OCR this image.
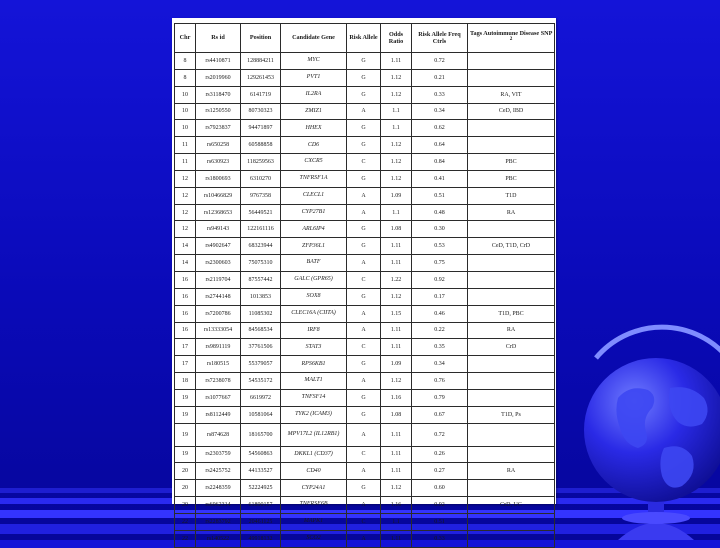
Chr	Rs id	Position	Candidate Gene	Risk Allele	Odds Ratio	Risk Allele Freq Ctrls	Tags Autoimmune Disease SNP $^2$
8	rs4410871	128884211	MYC	G	1.11	0.72	
8	rs2019960	129261453	PVT1	G	1.12	0.21	
10	rs3118470	6141719	IL2RA	G	1.12	0.33	RA, VIT
10	rs1250550	80730323	ZMIZ1	A	1.1	0.34	CeD, IBD
10	rs7923837	94471897	HHEX	G	1.1	0.62	
11	rs650258	60588858	CD6	G	1.12	0.64	
11	rs630923	118259563	CXCR5	C	1.12	0.84	PBC
12	rs1800693	6310270	TNFRSF1A	G	1.12	0.41	PBC
12	rs10466829	9767358	CLECL1	A	1.09	0.51	T1D
12	rs12368653	56449521	CYP27B1	A	1.1	0.48	RA
12	rs949143	122161116	ARL6IP4	G	1.08	0.30	
14	rs4902647	68323944	ZFP36L1	G	1.11	0.53	CeD, T1D, CrD
14	rs2300603	75075310	BATF	A	1.11	0.75	
16	rs2119704	87557442	GALC (GPR65)	C	1.22	0.92	
16	rs2744148	1013853	SOX8	G	1.12	0.17	
16	rs7200786	11085302	CLEC16A (CIITA)	A	1.15	0.46	T1D, PBC
16	rs13333054	84568534	IRF8	A	1.11	0.22	RA
17	rs9891119	37761506	STAT3	C	1.11	0.35	CrD
17	rs180515	55379057	RPS6KB1	G	1.09	0.34	
18	rs7238078	54535172	MALT1	A	1.12	0.76	
19	rs1077667	6619972	TNFSF14	G	1.16	0.79	
19	rs8112449	10581064	TYK2 (ICAM3)	G	1.08	0.67	T1D, Ps
19	rs874628	18165700	MPV17L2 (IL12RB1)	A	1.11	0.72	
19	rs2303759	54560863	DKKL1 (CD37)	C	1.11	0.26	
20	rs2425752	44133527	CD40	A	1.11	0.27	RA
20	rs2248359	52224925	CYP24A1	G	1.12	0.60	
20	rs6062314	61890157	TNFRSF6B	A	1.16	0.92	CrD, UC
22	rs2283792	20461125	MAPK1	C	1.1	0.51	
22	rs140522	49918132	SCO2	A	1.11	0.33	
